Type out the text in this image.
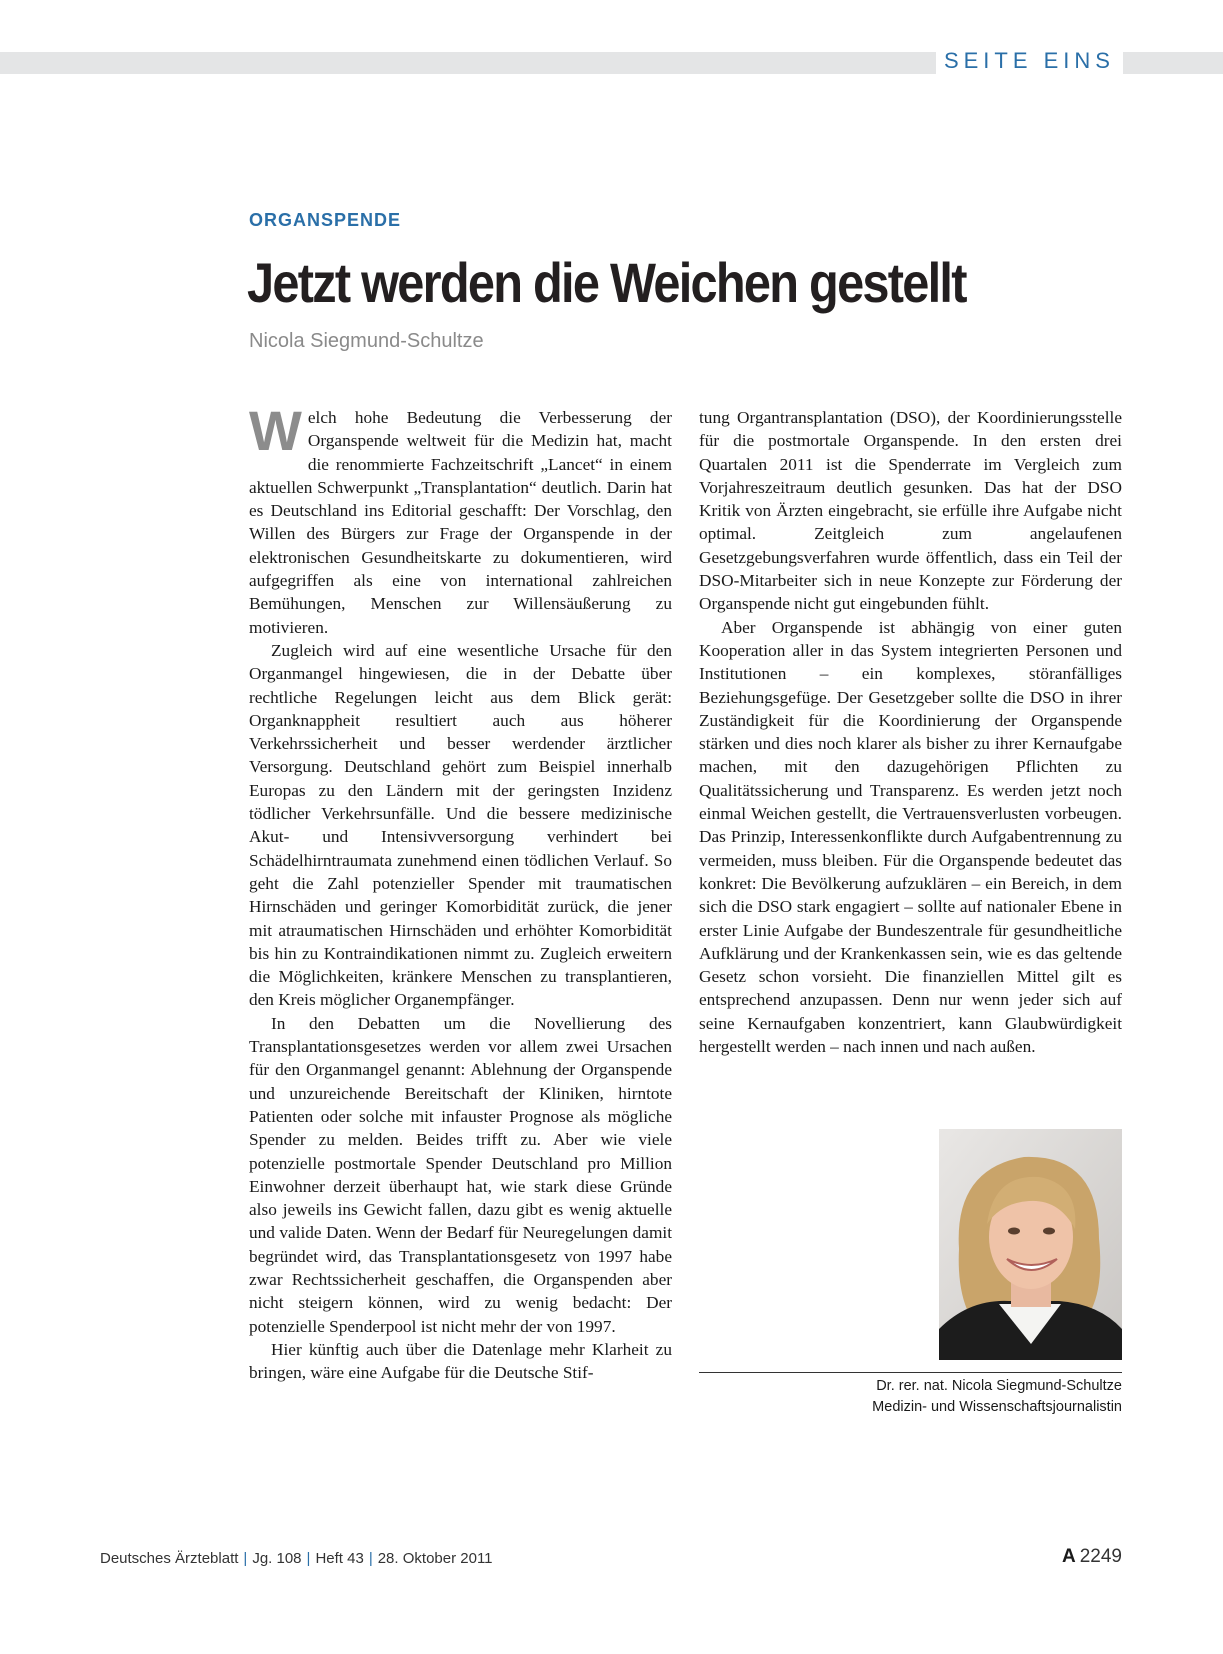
SEITE EINS
ORGANSPENDE
Jetzt werden die Weichen gestellt
Nicola Siegmund-Schultze

Welch hohe Bedeutung die Verbesserung der Organspende weltweit für die Medizin hat, macht die renommierte Fachzeitschrift „Lancet“ in einem aktuellen Schwerpunkt „Transplantation“ deutlich. Darin hat es Deutschland ins Editorial geschafft: Der Vorschlag, den Willen des Bürgers zur Frage der Organspende in der elektronischen Gesundheitskarte zu dokumentieren, wird aufgegriffen als eine von international zahlreichen Bemühungen, Menschen zur Willensäußerung zu motivieren.

Zugleich wird auf eine wesentliche Ursache für den Organmangel hingewiesen, die in der Debatte über rechtliche Regelungen leicht aus dem Blick gerät: Organknappheit resultiert auch aus höherer Verkehrssicherheit und besser werdender ärztlicher Versorgung. Deutschland gehört zum Beispiel innerhalb Europas zu den Ländern mit der geringsten Inzidenz tödlicher Verkehrsunfälle. Und die bessere medizinische Akut- und Intensivversorgung verhindert bei Schädelhirntraumata zunehmend einen tödlichen Verlauf. So geht die Zahl potenzieller Spender mit traumatischen Hirnschäden und geringer Komorbidität zurück, die jener mit atraumatischen Hirnschäden und erhöhter Komorbidität bis hin zu Kontraindikationen nimmt zu. Zugleich erweitern die Möglichkeiten, kränkere Menschen zu transplantieren, den Kreis möglicher Organempfänger.

In den Debatten um die Novellierung des Transplantationsgesetzes werden vor allem zwei Ursachen für den Organmangel genannt: Ablehnung der Organspende und unzureichende Bereitschaft der Kliniken, hirntote Patienten oder solche mit infauster Prognose als mögliche Spender zu melden. Beides trifft zu. Aber wie viele potenzielle postmortale Spender Deutschland pro Million Einwohner derzeit überhaupt hat, wie stark diese Gründe also jeweils ins Gewicht fallen, dazu gibt es wenig aktuelle und valide Daten. Wenn der Bedarf für Neuregelungen damit begründet wird, das Transplantationsgesetz von 1997 habe zwar Rechtssicherheit geschaffen, die Organspenden aber nicht steigern können, wird zu wenig bedacht: Der potenzielle Spenderpool ist nicht mehr der von 1997.

Hier künftig auch über die Datenlage mehr Klarheit zu bringen, wäre eine Aufgabe für die Deutsche Stif-

tung Organtransplantation (DSO), der Koordinierungsstelle für die postmortale Organspende. In den ersten drei Quartalen 2011 ist die Spenderrate im Vergleich zum Vorjahreszeitraum deutlich gesunken. Das hat der DSO Kritik von Ärzten eingebracht, sie erfülle ihre Aufgabe nicht optimal. Zeitgleich zum angelaufenen Gesetzgebungsverfahren wurde öffentlich, dass ein Teil der DSO-Mitarbeiter sich in neue Konzepte zur Förderung der Organspende nicht gut eingebunden fühlt.

Aber Organspende ist abhängig von einer guten Kooperation aller in das System integrierten Personen und Institutionen – ein komplexes, störanfälliges Beziehungsgefüge. Der Gesetzgeber sollte die DSO in ihrer Zuständigkeit für die Koordinierung der Organspende stärken und dies noch klarer als bisher zu ihrer Kernaufgabe machen, mit den dazugehörigen Pflichten zu Qualitätssicherung und Transparenz. Es werden jetzt noch einmal Weichen gestellt, die Vertrauensverlusten vorbeugen. Das Prinzip, Interessenkonflikte durch Aufgabentrennung zu vermeiden, muss bleiben. Für die Organspende bedeutet das konkret: Die Bevölkerung aufzuklären – ein Bereich, in dem sich die DSO stark engagiert – sollte auf nationaler Ebene in erster Linie Aufgabe der Bundeszentrale für gesundheitliche Aufklärung und der Krankenkassen sein, wie es das geltende Gesetz schon vorsieht. Die finanziellen Mittel gilt es entsprechend anzupassen. Denn nur wenn jeder sich auf seine Kernaufgaben konzentriert, kann Glaubwürdigkeit hergestellt werden – nach innen und nach außen.

Dr. rer. nat. Nicola Siegmund-Schultze
Medizin- und Wissenschaftsjournalistin
Deutsches Ärzteblatt | Jg. 108 | Heft 43 | 28. Oktober 2011	A 2249
